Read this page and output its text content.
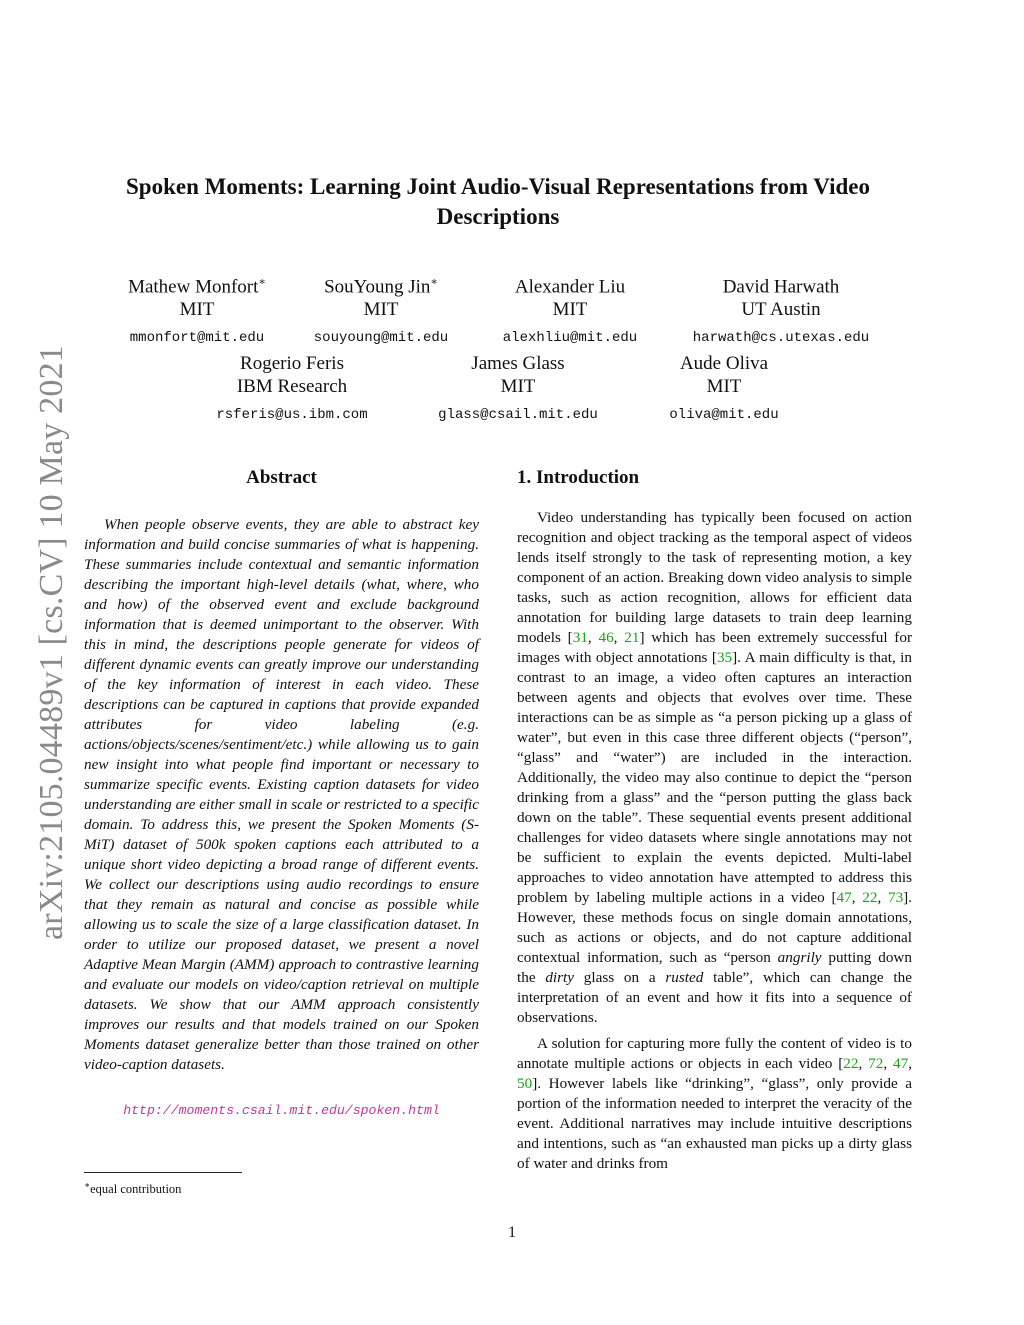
arXiv:2105.04489v1 [cs.CV] 10 May 2021
Spoken Moments: Learning Joint Audio-Visual Representations from Video Descriptions
Mathew Monfort∗
MIT
mmonfort@mit.edu
SouYoung Jin∗
MIT
souyoung@mit.edu
Alexander Liu
MIT
alexhliu@mit.edu
David Harwath
UT Austin
harwath@cs.utexas.edu
Rogerio Feris
IBM Research
rsferis@us.ibm.com
James Glass
MIT
glass@csail.mit.edu
Aude Oliva
MIT
oliva@mit.edu
Abstract
When people observe events, they are able to abstract key information and build concise summaries of what is happening. These summaries include contextual and semantic information describing the important high-level details (what, where, who and how) of the observed event and exclude background information that is deemed unimportant to the observer. With this in mind, the descriptions people generate for videos of different dynamic events can greatly improve our understanding of the key information of interest in each video. These descriptions can be captured in captions that provide expanded attributes for video labeling (e.g. actions/objects/scenes/sentiment/etc.) while allowing us to gain new insight into what people find important or necessary to summarize specific events. Existing caption datasets for video understanding are either small in scale or restricted to a specific domain. To address this, we present the Spoken Moments (S-MiT) dataset of 500k spoken captions each attributed to a unique short video depicting a broad range of different events. We collect our descriptions using audio recordings to ensure that they remain as natural and concise as possible while allowing us to scale the size of a large classification dataset. In order to utilize our proposed dataset, we present a novel Adaptive Mean Margin (AMM) approach to contrastive learning and evaluate our models on video/caption retrieval on multiple datasets. We show that our AMM approach consistently improves our results and that models trained on our Spoken Moments dataset generalize better than those trained on other video-caption datasets.
http://moments.csail.mit.edu/spoken.html
∗equal contribution
1. Introduction

Video understanding has typically been focused on action recognition and object tracking as the temporal aspect of videos lends itself strongly to the task of representing motion, a key component of an action. Breaking down video analysis to simple tasks, such as action recognition, allows for efficient data annotation for building large datasets to train deep learning models [31, 46, 21] which has been extremely successful for images with object annotations [35]. A main difficulty is that, in contrast to an image, a video often captures an interaction between agents and objects that evolves over time. These interactions can be as simple as “a person picking up a glass of water”, but even in this case three different objects (“person”, “glass” and “water”) are included in the interaction. Additionally, the video may also continue to depict the “person drinking from a glass” and the “person putting the glass back down on the table”. These sequential events present additional challenges for video datasets where single annotations may not be sufficient to explain the events depicted. Multi-label approaches to video annotation have attempted to address this problem by labeling multiple actions in a video [47, 22, 73]. However, these methods focus on single domain annotations, such as actions or objects, and do not capture additional contextual information, such as “person angrily putting down the dirty glass on a rusted table”, which can change the interpretation of an event and how it fits into a sequence of observations.

A solution for capturing more fully the content of video is to annotate multiple actions or objects in each video [22, 72, 47, 50]. However labels like “drinking”, “glass”, only provide a portion of the information needed to interpret the veracity of the event. Additional narratives may include intuitive descriptions and intentions, such as “an exhausted man picks up a dirty glass of water and drinks from

1
